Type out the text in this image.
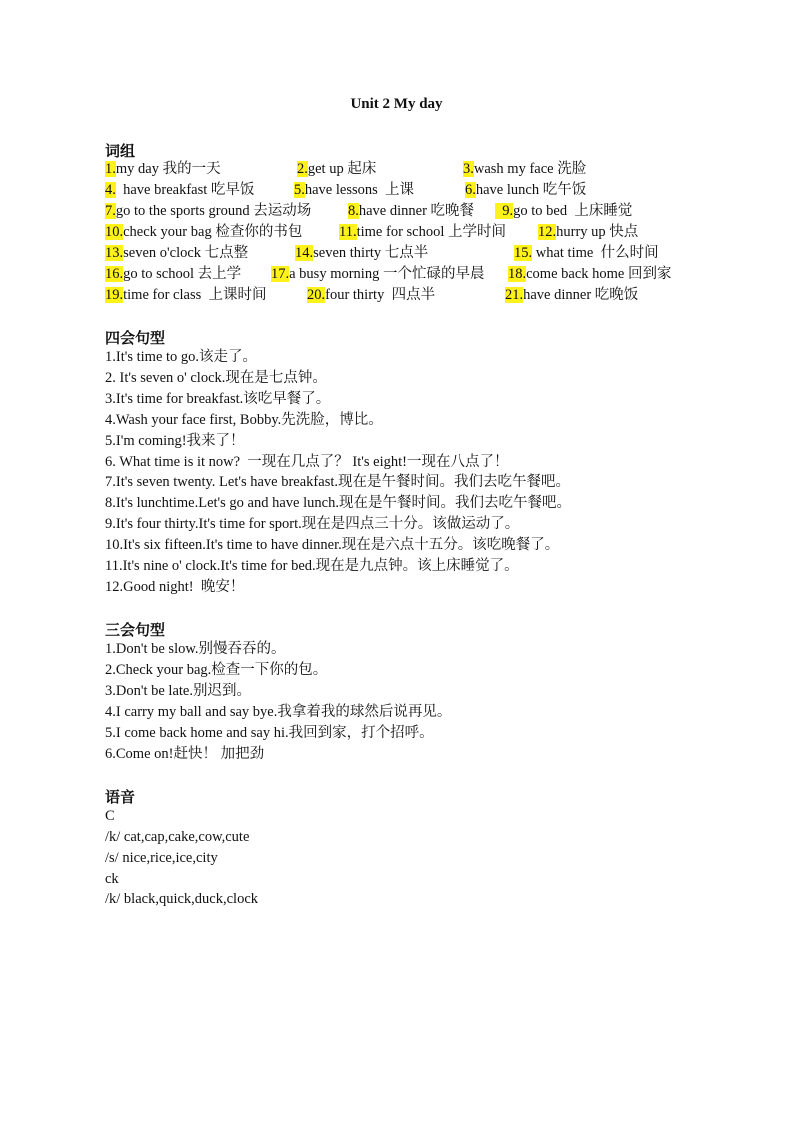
Unit 2 My day
词组
1.my day 我的一天	2.get up 起床	3.wash my face 洗脸
4.  have breakfast 吃早饭	5.have lessons  上课	6.have lunch 吃午饭
7.go to the sports ground 去运动场	8.have dinner 吃晚餐 9.go to bed  上床睡觉
10.check your bag 检查你的书包	11.time for school 上学时间 12.hurry up 快点
13.seven o'clock 七点整	14.seven thirty 七点半	15. what time  什么时间
16.go to school 去上学 17.a busy morning 一个忙碌的早晨 18.come back home 回到家
19.time for class  上课时间	20.four thirty  四点半	21.have dinner 吃晚饭
四会句型
1.It's time to go.该走了。
2. It's seven o' clock.现在是七点钟。
3.It's time for breakfast.该吃早餐了。
4.Wash your face first, Bobby.先洗脸，博比。
5.I'm coming!我来了！
6. What time is it now?  一现在几点了？ It's eight!一现在八点了！
7.It's seven twenty. Let's have breakfast.现在是午餐时间。我们去吃午餐吧。
8.It's lunchtime.Let's go and have lunch.现在是午餐时间。我们去吃午餐吧。
9.It's four thirty.It's time for sport.现在是四点三十分。该做运动了。
10.It's six fifteen.It's time to have dinner.现在是六点十五分。该吃晚餐了。
11.It's nine o' clock.It's time for bed.现在是九点钟。该上床睡觉了。
12.Good night!  晚安！
三会句型
1.Don't be slow.别慢吞吞的。
2.Check your bag.检查一下你的包。
3.Don't be late.别迟到。
4.I carry my ball and say bye.我拿着我的球然后说再见。
5.I come back home and say hi.我回到家，打个招呼。
6.Come on!赶快！ 加把劲
语音
C
/k/ cat,cap,cake,cow,cute
/s/ nice,rice,ice,city
ck
/k/ black,quick,duck,clock
